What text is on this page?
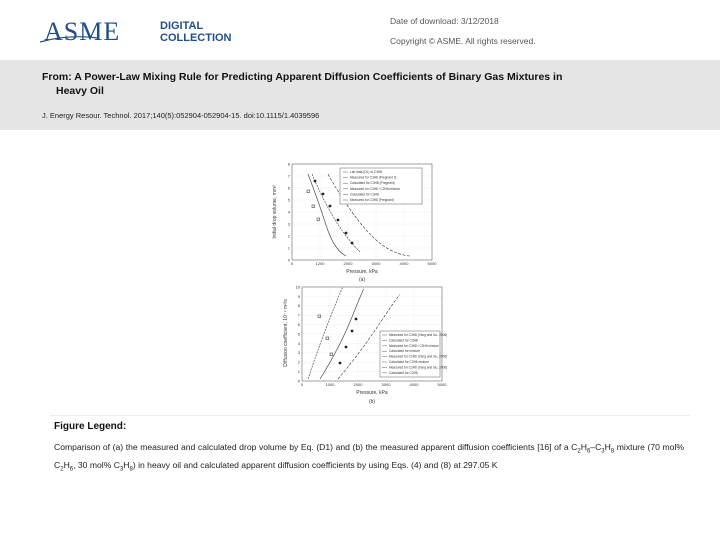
ASME	DIGITAL
COLLECTION
Date of download: 3/12/2018
Copyright © ASME. All rights reserved.
From: A Power-Law Mixing Rule for Predicting Apparent Diffusion Coefficients of Binary Gas Mixtures in
Heavy Oil
J. Energy Resour. Technol. 2017;140(5):052904-052904-15. doi:10.1115/1.4039596
0	1200	2000	3000	4000	5000
0
1
2
3
4
5
6
7
8
Lab data (D1) of C3H8
Measured for C3H8 (Pregnant 3)
Calculated for C3H8 (Pregnant)
Measured for C3H8 / C2H6 mixture
Calculated for C3H8
Measured for C3H8 (Pregnant)
Pressure, kPa
Initial drop volume, mm³
(a)
0	1000	2000	3000	4000	5000
0
1
2
3
4
5
6
7
8
9
10
Measured for C3H8 (Yang and Gu, 2006)
Calculated for C3H8
Measured for C3H8 / C2H6 mixture
Calculated for mixture
Measured for C2H6 (Yang and Gu, 2006)
Calculated for C2H6 mixture
Measured for C2H6 (Yang and Gu, 2006)
Calculated for C2H6
Pressure, kPa
Diffusion coefficient, 10⁻⁹ m²/s
(b)
Figure Legend:
Comparison of (a) the measured and calculated drop volume by Eq. (D1) and (b) the measured apparent diffusion coefficients [16] of a $C_2H_6-C_3H_8$ mixture (70 mol% $C_2H_6$, 30 mol% $C_3H_8$) in heavy oil and calculated apparent diffusion coefficients by using Eqs. (4) and (8) at 297.05 K
